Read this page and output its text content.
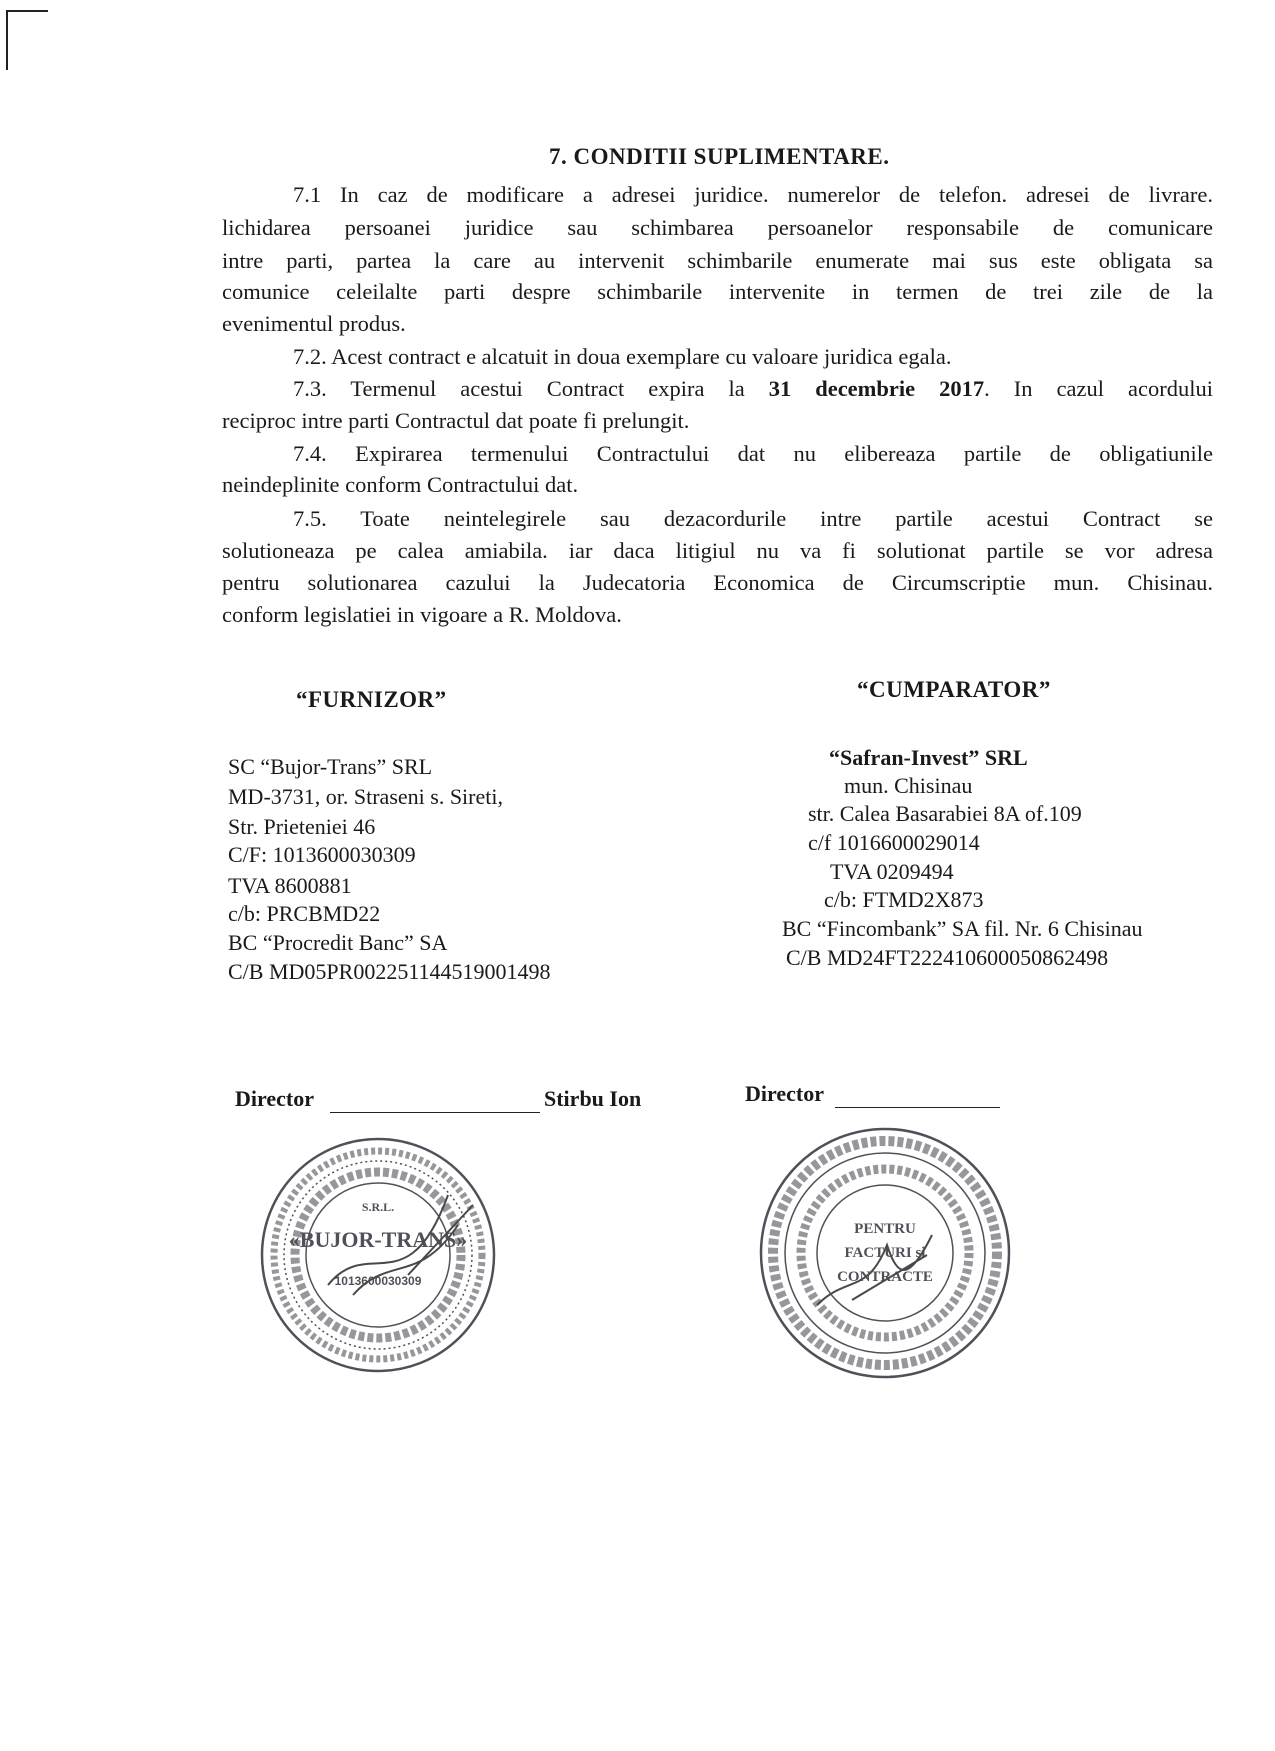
7. CONDITII SUPLIMENTARE.
7.1 In caz de modificare a adresei juridice. numerelor de telefon. adresei de livrare.
lichidarea persoanei juridice sau schimbarea persoanelor responsabile de comunicare
intre parti, partea la care au intervenit schimbarile enumerate mai sus este obligata sa
comunice celeilalte parti despre schimbarile intervenite in termen de trei zile de la
evenimentul produs.
7.2. Acest contract e alcatuit in doua exemplare cu valoare juridica egala.
7.3. Termenul acestui Contract expira la 31 decembrie 2017. In cazul acordului
reciproc intre parti Contractul dat poate fi prelungit.
7.4. Expirarea termenului Contractului dat nu elibereaza partile de obligatiunile
neindeplinite conform Contractului dat.
7.5. Toate neintelegirele sau dezacordurile intre partile acestui Contract se
solutioneaza pe calea amiabila. iar daca litigiul nu va fi solutionat partile se vor adresa
pentru solutionarea cazului la Judecatoria Economica de Circumscriptie mun. Chisinau.
conform legislatiei in vigoare a R. Moldova.
“FURNIZOR”
SC “Bujor-Trans” SRL
MD-3731, or. Straseni s. Sireti,
Str. Prieteniei 46
C/F: 1013600030309
TVA 8600881
c/b: PRCBMD22
BC “Procredit Banc” SA
C/B MD05PR002251144519001498
Director	Stirbu Ion
S.R.L.
«BUJOR-TRANS»
1013600030309
“CUMPARATOR”
“Safran-Invest” SRL
mun. Chisinau
str. Calea Basarabiei 8A of.109
c/f 1016600029014
TVA 0209494
c/b: FTMD2X873
BC “Fincombank” SA fil. Nr. 6 Chisinau
C/B MD24FT222410600050862498
Director
PENTRU
FACTURI si
CONTRACTE
